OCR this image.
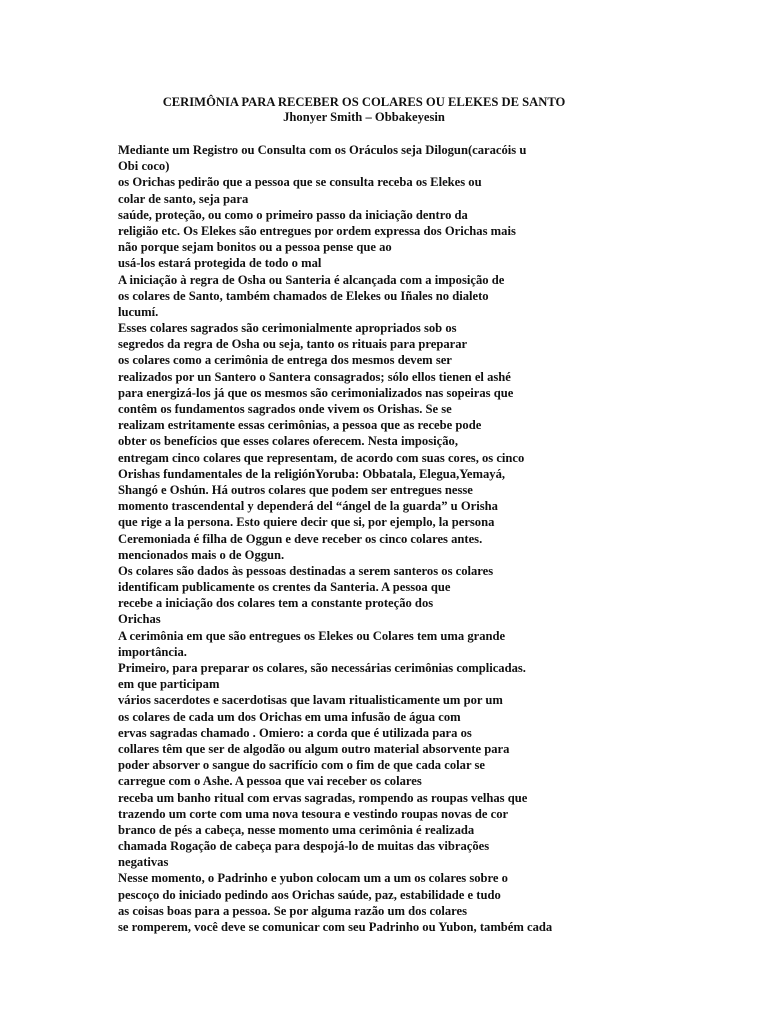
CERIMÔNIA PARA RECEBER OS COLARES OU ELEKES DE SANTO
Jhonyer Smith – Obbakeyesin
Mediante um Registro ou Consulta com os Oráculos seja Dilogun(caracóis u
Obi coco)
os Orichas pedirão que a pessoa que se consulta receba os Elekes ou
colar de santo, seja para
saúde, proteção, ou como o primeiro passo da iniciação dentro da
religião etc. Os Elekes são entregues por ordem expressa dos Orichas mais
não porque sejam bonitos ou a pessoa pense que ao
usá-los estará protegida de todo o mal
A iniciação à regra de Osha ou Santeria é alcançada com a imposição de
os colares de Santo, também chamados de Elekes ou Iñales no dialeto
lucumí.
Esses colares sagrados são cerimonialmente apropriados sob os
segredos da regra de Osha ou seja, tanto os rituais para preparar
os colares como a cerimônia de entrega dos mesmos devem ser
realizados por un Santero o Santera consagrados; sólo ellos tienen el ashé
para energizá-los já que os mesmos são cerimonializados nas sopeiras que
contêm os fundamentos sagrados onde vivem os Orishas. Se se
realizam estritamente essas cerimônias, a pessoa que as recebe pode
obter os benefícios que esses colares oferecem. Nesta imposição,
entregam cinco colares que representam, de acordo com suas cores, os cinco
Orishas fundamentales de la religiónYoruba: Obbatala, Elegua,Yemayá,
Shangó e Oshún. Há outros colares que podem ser entregues nesse
momento trascendental y dependerá del “ángel de la guarda” u Orisha
que rige a la persona. Esto quiere decir que si, por ejemplo, la persona
Ceremoniada é filha de Oggun e deve receber os cinco colares antes.
mencionados mais o de Oggun.
Os colares são dados às pessoas destinadas a serem santeros os colares
identificam publicamente os crentes da Santeria. A pessoa que
recebe a iniciação dos colares tem a constante proteção dos
Orichas
A cerimônia em que são entregues os Elekes ou Colares tem uma grande
importância.
Primeiro, para preparar os colares, são necessárias cerimônias complicadas.
em que participam
vários sacerdotes e sacerdotisas que lavam ritualisticamente um por um
os colares de cada um dos Orichas em uma infusão de água com
ervas sagradas chamado . Omiero: a corda que é utilizada para os
collares têm que ser de algodão ou algum outro material absorvente para
poder absorver o sangue do sacrifício com o fim de que cada colar se
carregue com o Ashe. A pessoa que vai receber os colares
receba um banho ritual com ervas sagradas, rompendo as roupas velhas que
trazendo um corte com uma nova tesoura e vestindo roupas novas de cor
branco de pés a cabeça, nesse momento uma cerimônia é realizada
chamada Rogação de cabeça para despojá-lo de muitas das vibrações
negativas
Nesse momento, o Padrinho e yubon colocam um a um os colares sobre o
pescoço do iniciado pedindo aos Orichas saúde, paz, estabilidade e tudo
as coisas boas para a pessoa. Se por alguma razão um dos colares
se romperem, você deve se comunicar com seu Padrinho ou Yubon, também cada
